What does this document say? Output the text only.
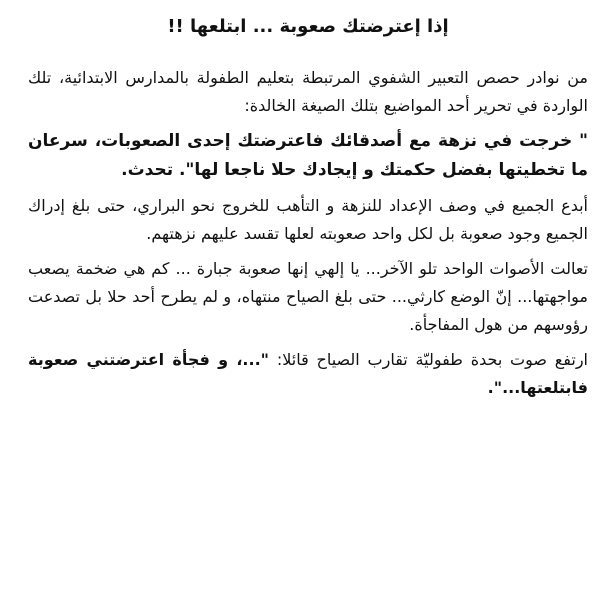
إذا إعترضتك صعوبة ... ابتلعها !!

من نوادر حصص التعبير الشفوي المرتبطة بتعليم الطفولة بالمدارس الابتدائية، تلك الواردة في تحرير أحد المواضيع بتلك الصيغة الخالدة:

" خرجت في نزهة مع أصدقائك فاعترضتك إحدى الصعوبات، سرعان ما تخطيتها بفضل حكمتك و إيجادك حلا ناجعا لها". تحدث.

أبدع الجميع في وصف الإعداد للنزهة و التأهب للخروج نحو البراري، حتى بلغ إدراك الجميع وجود صعوبة بل لكل واحد صعوبته لعلها تقسد عليهم نزهتهم.

تعالت الأصوات الواحد تلو الآخر... يا إلهي إنها صعوبة جبارة ... كم هي ضخمة يصعب مواجهتها... إنّ الوضع كارثي... حتى بلغ الصياح منتهاه، و لم يطرح أحد حلا بل تصدعت رؤوسهم من هول المفاجأة.

ارتفع صوت بحدة طفوليّة تقارب الصياح قائلا: "...، و فجأة اعترضتني صعوبة فابتلعتها...".
